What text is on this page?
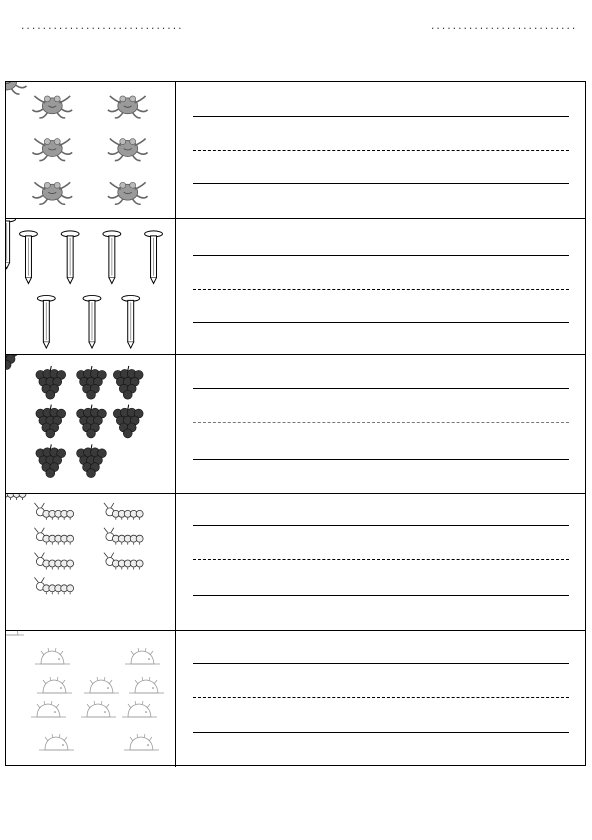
..............................	...........................
